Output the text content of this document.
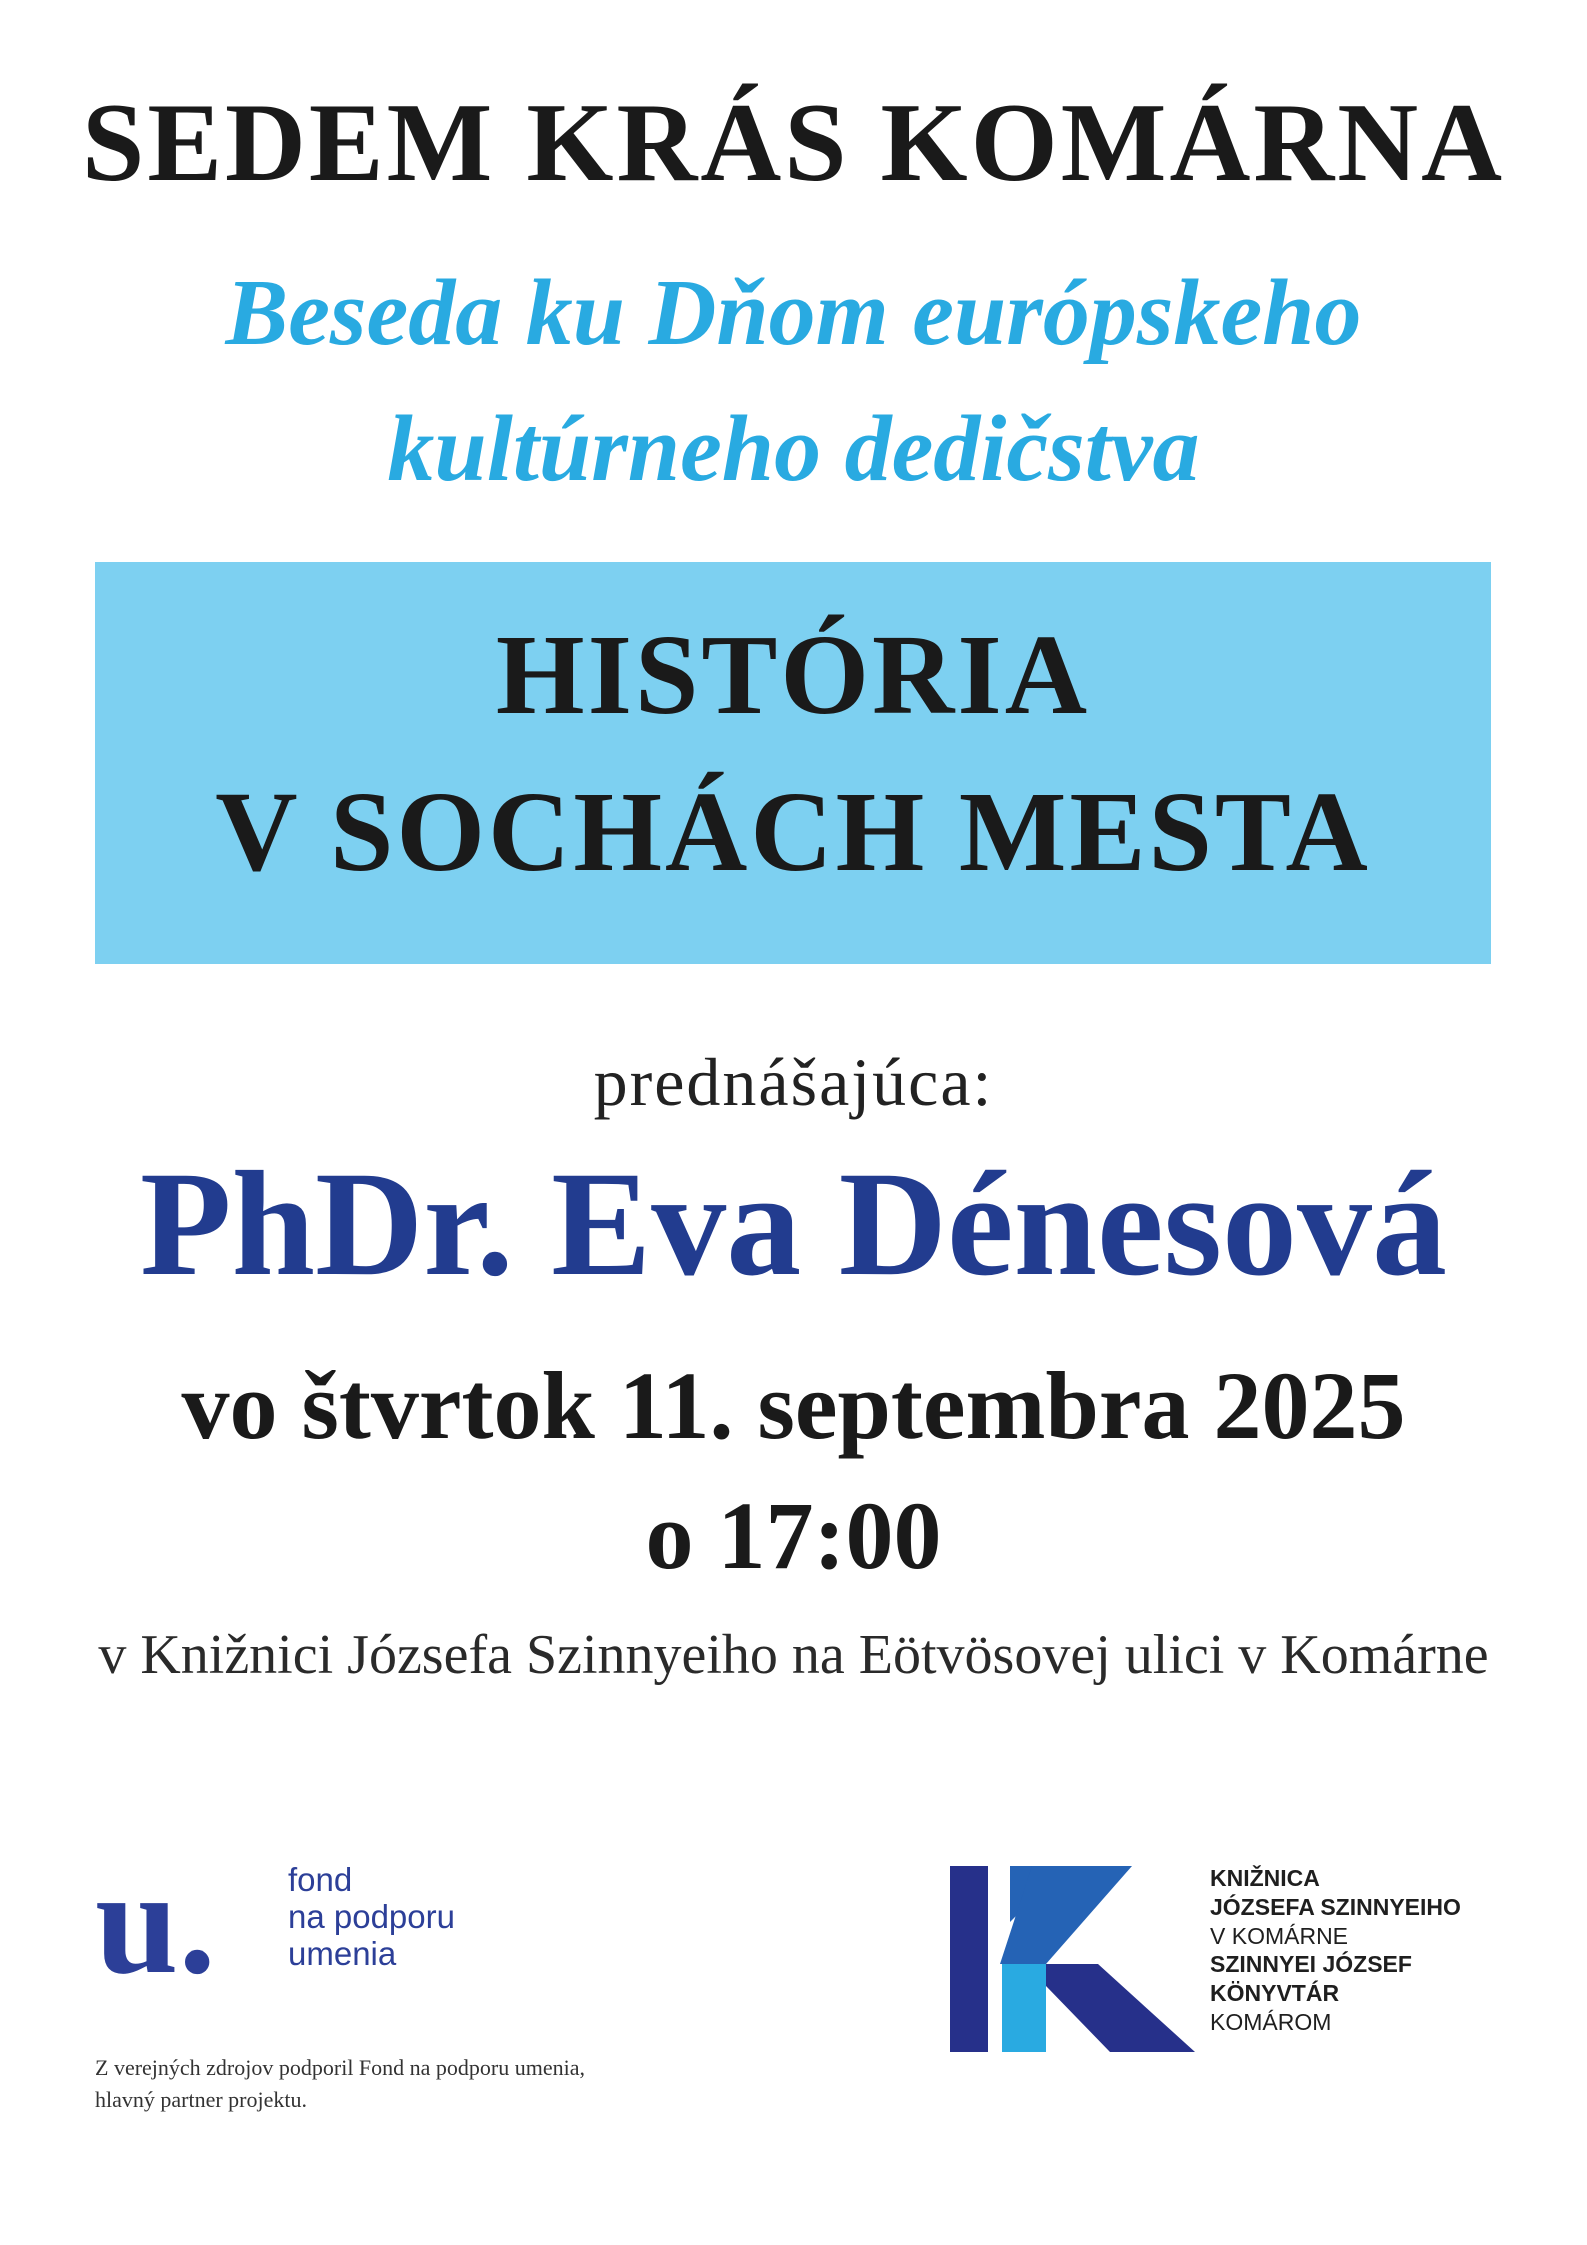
SEDEM KRÁS KOMÁRNA
Beseda ku Dňom európskeho
kultúrneho dedičstva
HISTÓRIA
V SOCHÁCH MESTA
prednášajúca:
PhDr. Eva Dénesová
vo štvrtok 11. septembra 2025
o 17:00
v Knižnici Józsefa Szinnyeiho na Eötvösovej ulici v Komárne
u. fond
na podporu
umenia
Z verejných zdrojov podporil Fond na podporu umenia,
hlavný partner projektu.
KNIŽNICA
JÓZSEFA SZINNYEIHO
V KOMÁRNE
SZINNYEI JÓZSEF
KÖNYVTÁR
KOMÁROM
